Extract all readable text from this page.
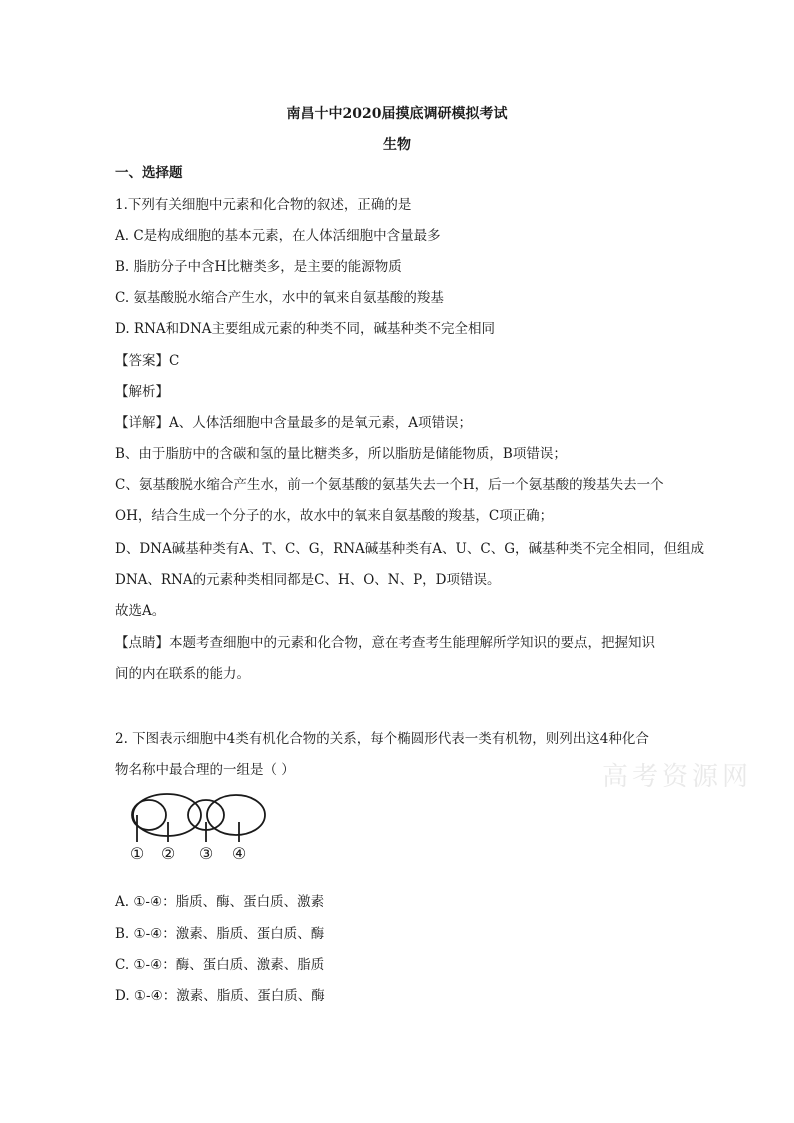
高考资源网
南昌十中2020届摸底调研模拟考试
生物
一、选择题
1.下列有关细胞中元素和化合物的叙述，正确的是
A. C是构成细胞的基本元素，在人体活细胞中含量最多
B. 脂肪分子中含H比糖类多，是主要的能源物质
C. 氨基酸脱水缩合产生水，水中的氧来自氨基酸的羧基
D. RNA和DNA主要组成元素的种类不同，碱基种类不完全相同
【答案】C
【解析】
【详解】A、人体活细胞中含量最多的是氧元素，A项错误；
B、由于脂肪中的含碳和氢的量比糖类多，所以脂肪是储能物质，B项错误；
C、氨基酸脱水缩合产生水，前一个氨基酸的氨基失去一个H，后一个氨基酸的羧基失去一个
OH，结合生成一个分子的水，故水中的氧来自氨基酸的羧基，C项正确；
D、DNA碱基种类有A、T、C、G，RNA碱基种类有A、U、C、G，碱基种类不完全相同，但组成
DNA、RNA的元素种类相同都是C、H、O、N、P，D项错误。
故选A。
【点睛】本题考查细胞中的元素和化合物，意在考查考生能理解所学知识的要点，把握知识
间的内在联系的能力。
2. 下图表示细胞中4类有机化合物的关系，每个椭圆形代表一类有机物，则列出这4种化合
物名称中最合理的一组是（ ）
① ② ③ ④
A. ①-④：脂质、酶、蛋白质、激素
B. ①-④：激素、脂质、蛋白质、酶
C. ①-④：酶、蛋白质、激素、脂质
D. ①-④：激素、脂质、蛋白质、酶
